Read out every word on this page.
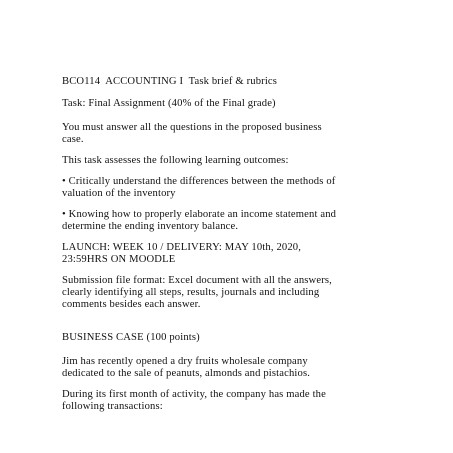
BCO114  ACCOUNTING I  Task brief & rubrics
Task: Final Assignment (40% of the Final grade)
You must answer all the questions in the proposed business
case.
This task assesses the following learning outcomes:
• Critically understand the differences between the methods of
valuation of the inventory
• Knowing how to properly elaborate an income statement and
determine the ending inventory balance.
LAUNCH: WEEK 10 / DELIVERY: MAY 10th, 2020,
23:59HRS ON MOODLE
Submission file format: Excel document with all the answers,
clearly identifying all steps, results, journals and including
comments besides each answer.
BUSINESS CASE (100 points)
Jim has recently opened a dry fruits wholesale company
dedicated to the sale of peanuts, almonds and pistachios.
During its first month of activity, the company has made the
following transactions:
